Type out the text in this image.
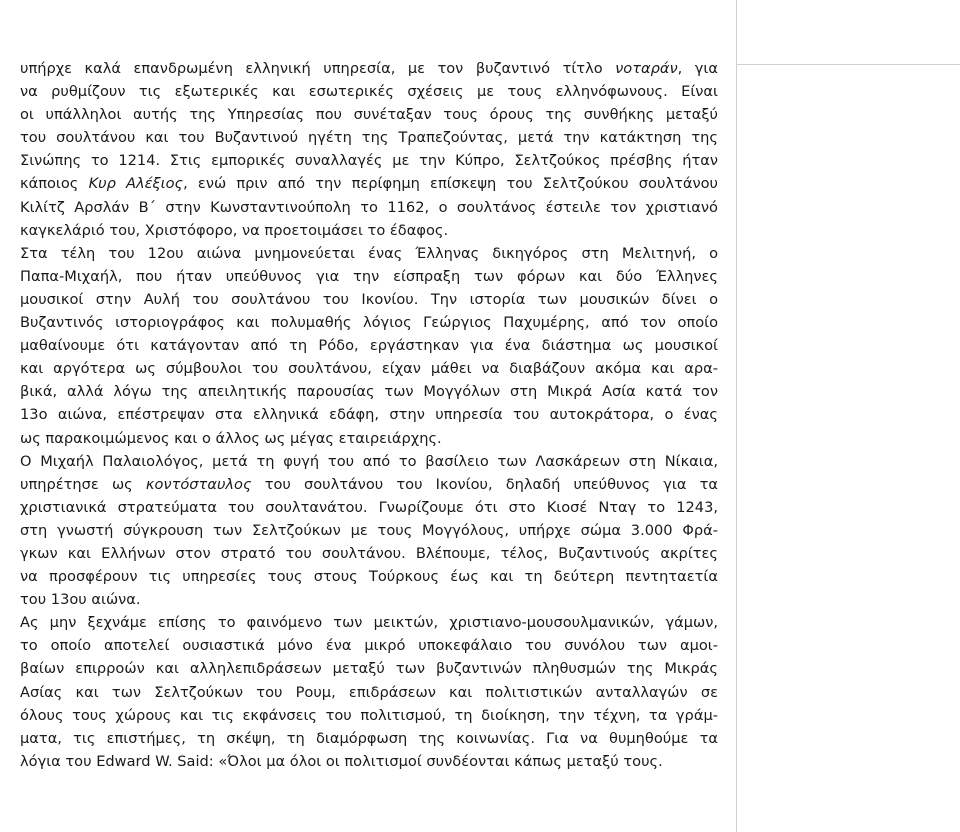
υπήρχε καλά επανδρωμένη ελληνική υπηρεσία, με τον βυζαντινό τίτλο νοταράν, για
να ρυθμίζουν τις εξωτερικές και εσωτερικές σχέσεις με τους ελληνόφωνους. Είναι
οι υπάλληλοι αυτής της Υπηρεσίας που συνέταξαν τους όρους της συνθήκης μεταξύ
του σουλτάνου και του Βυζαντινού ηγέτη της Τραπεζούντας, μετά την κατάκτηση της
Σινώπης το 1214. Στις εμπορικές συναλλαγές με την Κύπρο, Σελτζούκος πρέσβης ήταν
κάποιος Κυρ Αλέξιος, ενώ πριν από την περίφημη επίσκεψη του Σελτζούκου σουλτάνου
Κιλίτζ Αρσλάν Β΄ στην Κωνσταντινούπολη το 1162, ο σουλτάνος έστειλε τον χριστιανό
καγκελάριό του, Χριστόφορο, να προετοιμάσει το έδαφος.

Στα τέλη του 12ου αιώνα μνημονεύεται ένας Έλληνας δικηγόρος στη Μελιτηνή, ο
Παπα-Μιχαήλ, που ήταν υπεύθυνος για την είσπραξη των φόρων και δύο Έλληνες
μουσικοί στην Αυλή του σουλτάνου του Ικονίου. Την ιστορία των μουσικών δίνει ο
Βυζαντινός ιστοριογράφος και πολυμαθής λόγιος Γεώργιος Παχυμέρης, από τον οποίο
μαθαίνουμε ότι κατάγονταν από τη Ρόδο, εργάστηκαν για ένα διάστημα ως μουσικοί
και αργότερα ως σύμβουλοι του σουλτάνου, είχαν μάθει να διαβάζουν ακόμα και αρα-
βικά, αλλά λόγω της απειλητικής παρουσίας των Μογγόλων στη Μικρά Ασία κατά τον
13ο αιώνα, επέστρεψαν στα ελληνικά εδάφη, στην υπηρεσία του αυτοκράτορα, ο ένας
ως παρακοιμώμενος και ο άλλος ως μέγας εταιρειάρχης.

Ο Μιχαήλ Παλαιολόγος, μετά τη φυγή του από το βασίλειο των Λασκάρεων στη Νίκαια,
υπηρέτησε ως κοντόσταυλος του σουλτάνου του Ικονίου, δηλαδή υπεύθυνος για τα
χριστιανικά στρατεύματα του σουλτανάτου. Γνωρίζουμε ότι στο Κιοσέ Νταγ το 1243,
στη γνωστή σύγκρουση των Σελτζούκων με τους Μογγόλους, υπήρχε σώμα 3.000 Φρά-
γκων και Ελλήνων στον στρατό του σουλτάνου. Βλέπουμε, τέλος, Βυζαντινούς ακρίτες
να προσφέρουν τις υπηρεσίες τους στους Τούρκους έως και τη δεύτερη πεντηταετία
του 13ου αιώνα.

Ας μην ξεχνάμε επίσης το φαινόμενο των μεικτών, χριστιανο-μουσουλμανικών, γάμων,
το οποίο αποτελεί ουσιαστικά μόνο ένα μικρό υποκεφάλαιο του συνόλου των αμοι-
βαίων επιρροών και αλληλεπιδράσεων μεταξύ των βυζαντινών πληθυσμών της Μικράς
Ασίας και των Σελτζούκων του Ρουμ, επιδράσεων και πολιτιστικών ανταλλαγών σε
όλους τους χώρους και τις εκφάνσεις του πολιτισμού, τη διοίκηση, την τέχνη, τα γράμ-
ματα, τις επιστήμες, τη σκέψη, τη διαμόρφωση της κοινωνίας. Για να θυμηθούμε τα
λόγια του Edward W. Said: «Όλοι μα όλοι οι πολιτισμοί συνδέονται κάπως μεταξύ τους.
